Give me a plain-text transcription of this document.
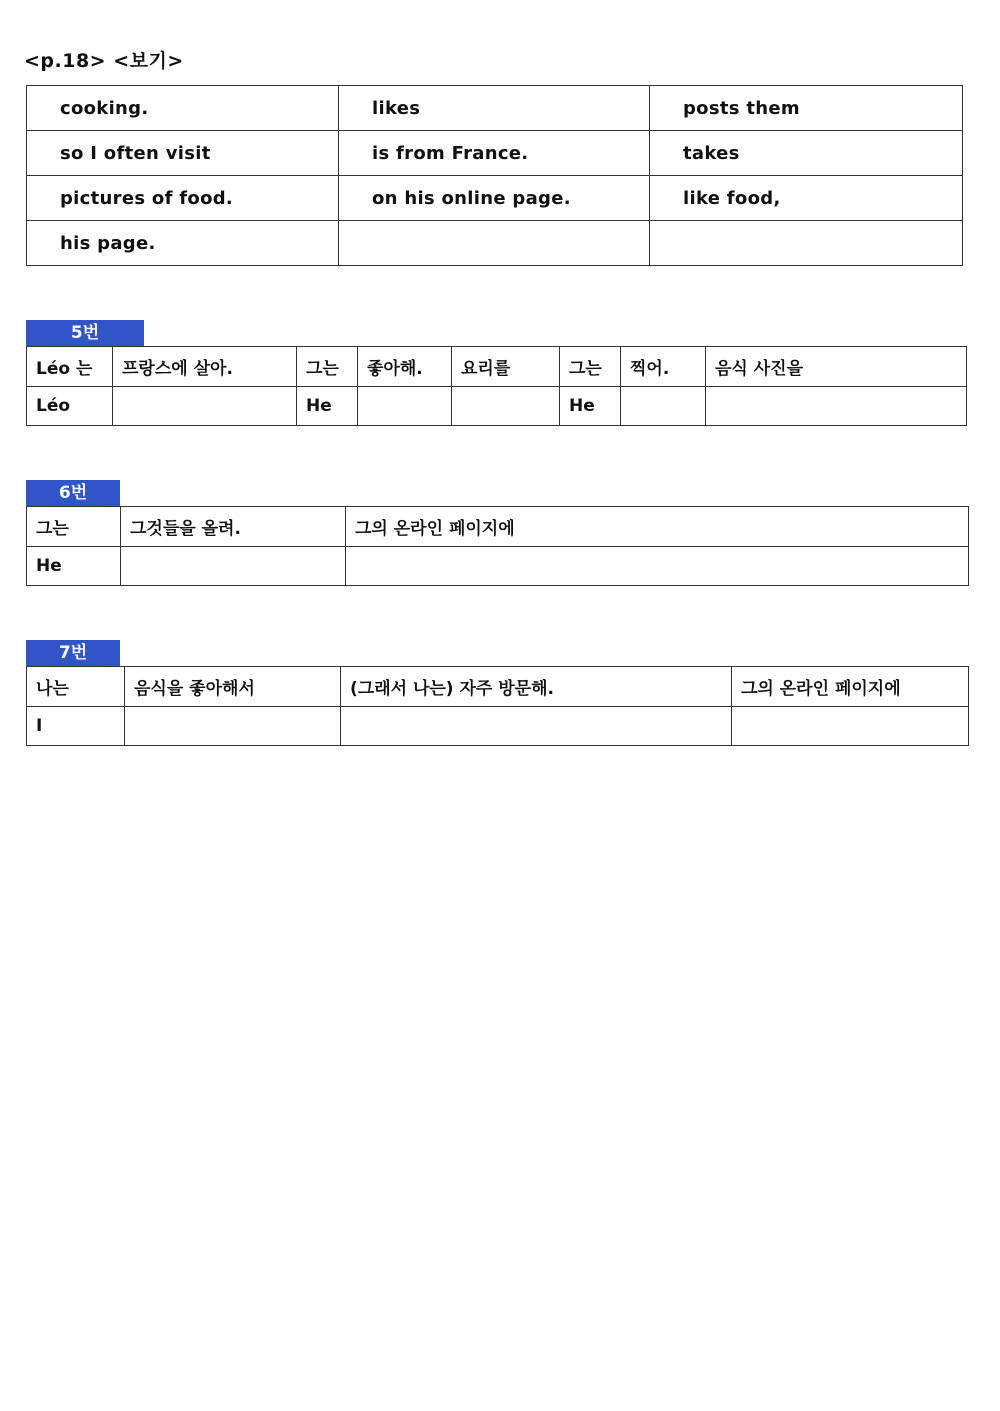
<p.18> <보기>
cooking.	likes	posts them
so I often visit	is from France.	takes
pictures of food.	on his online page.	like food,
his page.		
5번
Léo 는	프랑스에 살아.	그는	좋아해.	요리를	그는	찍어.	음식 사진을
Léo		He			He		
6번
그는	그것들을 올려.	그의 온라인 페이지에
He		
7번
나는	음식을 좋아해서	(그래서 나는) 자주 방문해.	그의 온라인 페이지에
I			
